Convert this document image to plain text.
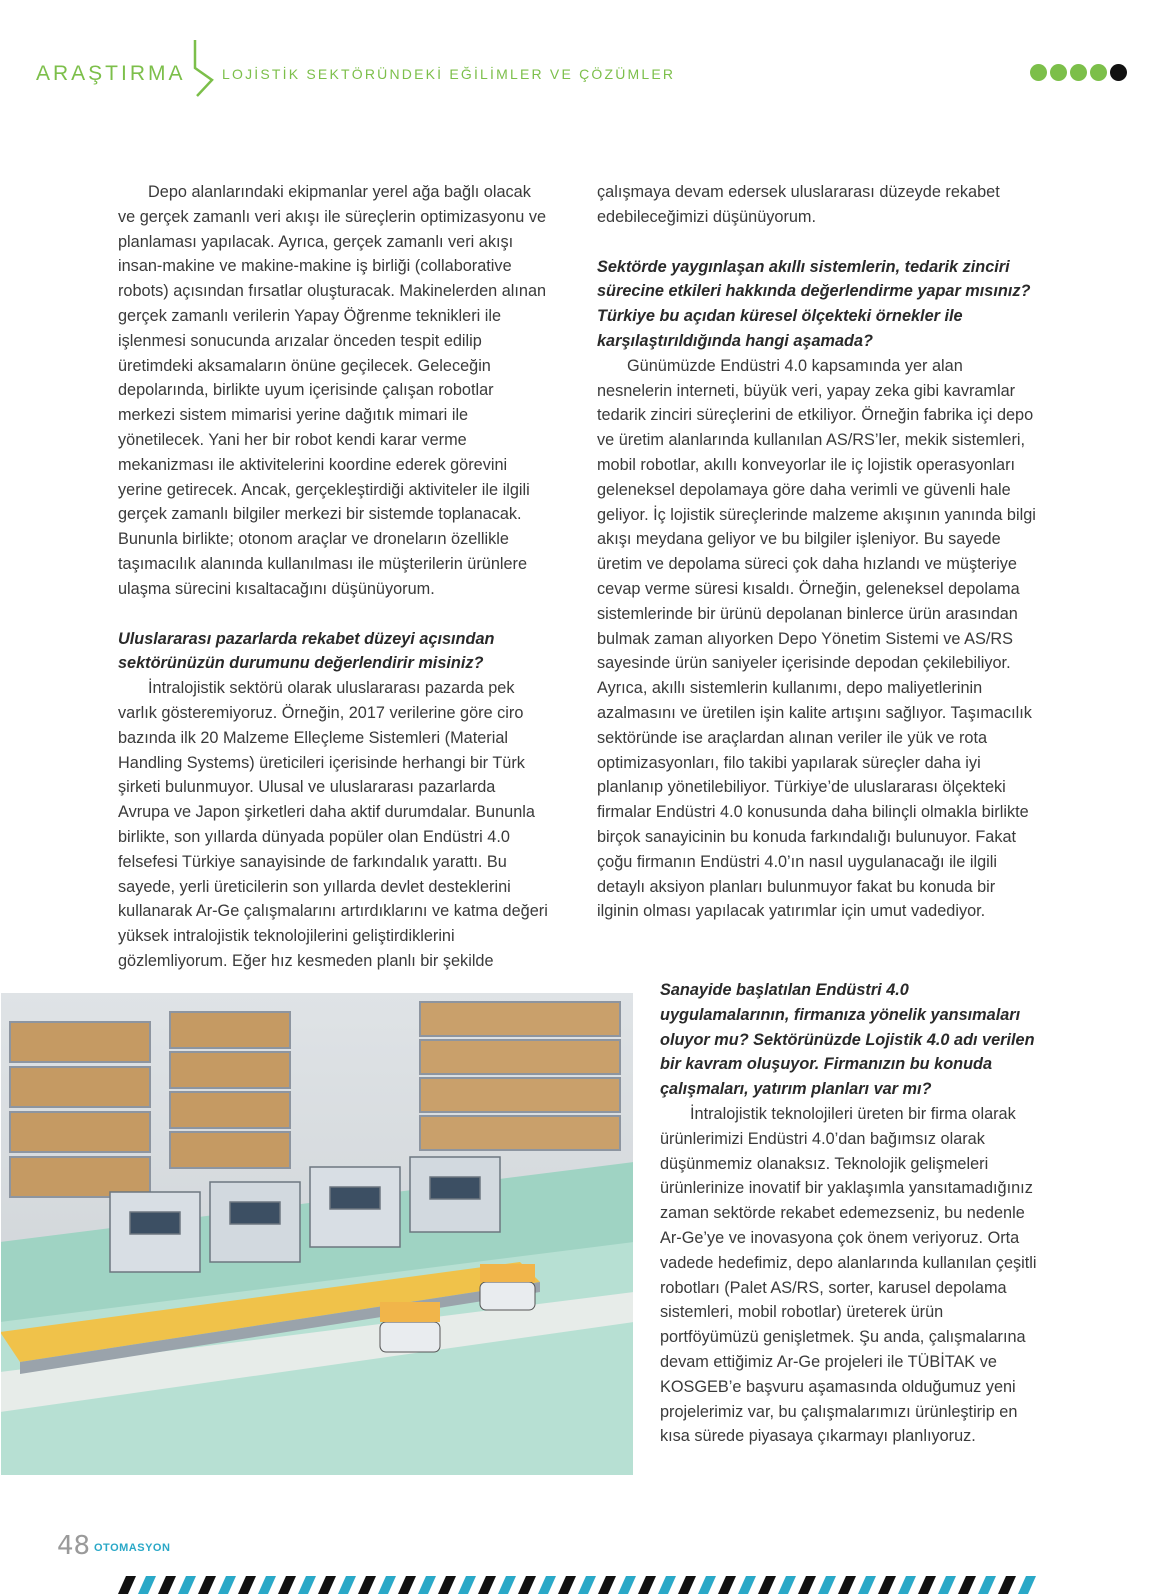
ARAŞTIRMA	LOJİSTİK SEKTÖRÜNDEKİ EĞİLİMLER VE ÇÖZÜMLER

Depo alanlarındaki ekipmanlar yerel ağa bağlı olacak ve gerçek zamanlı veri akışı ile süreçlerin optimizasyonu ve planlaması yapılacak. Ayrıca, gerçek zamanlı veri akışı insan-makine ve makine-makine iş birliği (collaborative robots) açısından fırsatlar oluşturacak. Makinelerden alınan gerçek zamanlı verilerin Yapay Öğrenme teknikleri ile işlenmesi sonucunda arızalar önceden tespit edilip üretimdeki aksamaların önüne geçilecek. Geleceğin depolarında, birlikte uyum içerisinde çalışan robotlar merkezi sistem mimarisi yerine dağıtık mimari ile yönetilecek. Yani her bir robot kendi karar verme mekanizması ile aktivitelerini koordine ederek görevini yerine getirecek. Ancak, gerçekleştirdiği aktiviteler ile ilgili gerçek zamanlı bilgiler merkezi bir sistemde toplanacak. Bununla birlikte; otonom araçlar ve droneların özellikle taşımacılık alanında kullanılması ile müşterilerin ürünlere ulaşma sürecini kısaltacağını düşünüyorum.

Uluslararası pazarlarda rekabet düzeyi açısından sektörünüzün durumunu değerlendirir misiniz?

İntralojistik sektörü olarak uluslararası pazarda pek varlık gösteremiyoruz. Örneğin, 2017 verilerine göre ciro bazında ilk 20 Malzeme Elleçleme Sistemleri (Material Handling Systems) üreticileri içerisinde herhangi bir Türk şirketi bulunmuyor. Ulusal ve uluslararası pazarlarda Avrupa ve Japon şirketleri daha aktif durumdalar. Bununla birlikte, son yıllarda dünyada popüler olan Endüstri 4.0 felsefesi Türkiye sanayisinde de farkındalık yarattı. Bu sayede, yerli üreticilerin son yıllarda devlet desteklerini kullanarak Ar-Ge çalışmalarını artırdıklarını ve katma değeri yüksek intralojistik teknolojilerini geliştirdiklerini gözlemliyorum. Eğer hız kesmeden planlı bir şekilde

çalışmaya devam edersek uluslararası düzeyde rekabet edebileceğimizi düşünüyorum.

Sektörde yaygınlaşan akıllı sistemlerin, tedarik zinciri sürecine etkileri hakkında değerlendirme yapar mısınız? Türkiye bu açıdan küresel ölçekteki örnekler ile karşılaştırıldığında hangi aşamada?

Günümüzde Endüstri 4.0 kapsamında yer alan nesnelerin interneti, büyük veri, yapay zeka gibi kavramlar tedarik zinciri süreçlerini de etkiliyor. Örneğin fabrika içi depo ve üretim alanlarında kullanılan AS/RS’ler, mekik sistemleri, mobil robotlar, akıllı konveyorlar ile iç lojistik operasyonları geleneksel depolamaya göre daha verimli ve güvenli hale geliyor. İç lojistik süreçlerinde malzeme akışının yanında bilgi akışı meydana geliyor ve bu bilgiler işleniyor. Bu sayede üretim ve depolama süreci çok daha hızlandı ve müşteriye cevap verme süresi kısaldı. Örneğin, geleneksel depolama sistemlerinde bir ürünü depolanan binlerce ürün arasından bulmak zaman alıyorken Depo Yönetim Sistemi ve AS/RS sayesinde ürün saniyeler içerisinde depodan çekilebiliyor. Ayrıca, akıllı sistemlerin kullanımı, depo maliyetlerinin azalmasını ve üretilen işin kalite artışını sağlıyor. Taşımacılık sektöründe ise araçlardan alınan veriler ile yük ve rota optimizasyonları, filo takibi yapılarak süreçler daha iyi planlanıp yönetilebiliyor. Türkiye’de uluslararası ölçekteki firmalar Endüstri 4.0 konusunda daha bilinçli olmakla birlikte birçok sanayicinin bu konuda farkındalığı bulunuyor. Fakat çoğu firmanın Endüstri 4.0’ın nasıl uygulanacağı ile ilgili detaylı aksiyon planları bulunmuyor fakat bu konuda bir ilginin olması yapılacak yatırımlar için umut vadediyor.

Sanayide başlatılan Endüstri 4.0 uygulamalarının, firmanıza yönelik yansımaları oluyor mu? Sektörünüzde Lojistik 4.0 adı verilen bir kavram oluşuyor. Firmanızın bu konuda çalışmaları, yatırım planları var mı?

İntralojistik teknolojileri üreten bir firma olarak ürünlerimizi Endüstri 4.0’dan bağımsız olarak düşünmemiz olanaksız. Teknolojik gelişmeleri ürünlerinize inovatif bir yaklaşımla yansıtamadığınız zaman sektörde rekabet edemezseniz, bu nedenle Ar-Ge’ye ve inovasyona çok önem veriyoruz. Orta vadede hedefimiz, depo alanlarında kullanılan çeşitli robotları (Palet AS/RS, sorter, karusel depolama sistemleri, mobil robotlar) üreterek ürün portföyümüzü genişletmek. Şu anda, çalışmalarına devam ettiğimiz Ar-Ge projeleri ile TÜBİTAK ve KOSGEB’e başvuru aşamasında olduğumuz yeni projelerimiz var, bu çalışmalarımızı ürünleştirip en kısa sürede piyasaya çıkarmayı planlıyoruz.

48 OTOMASYON
